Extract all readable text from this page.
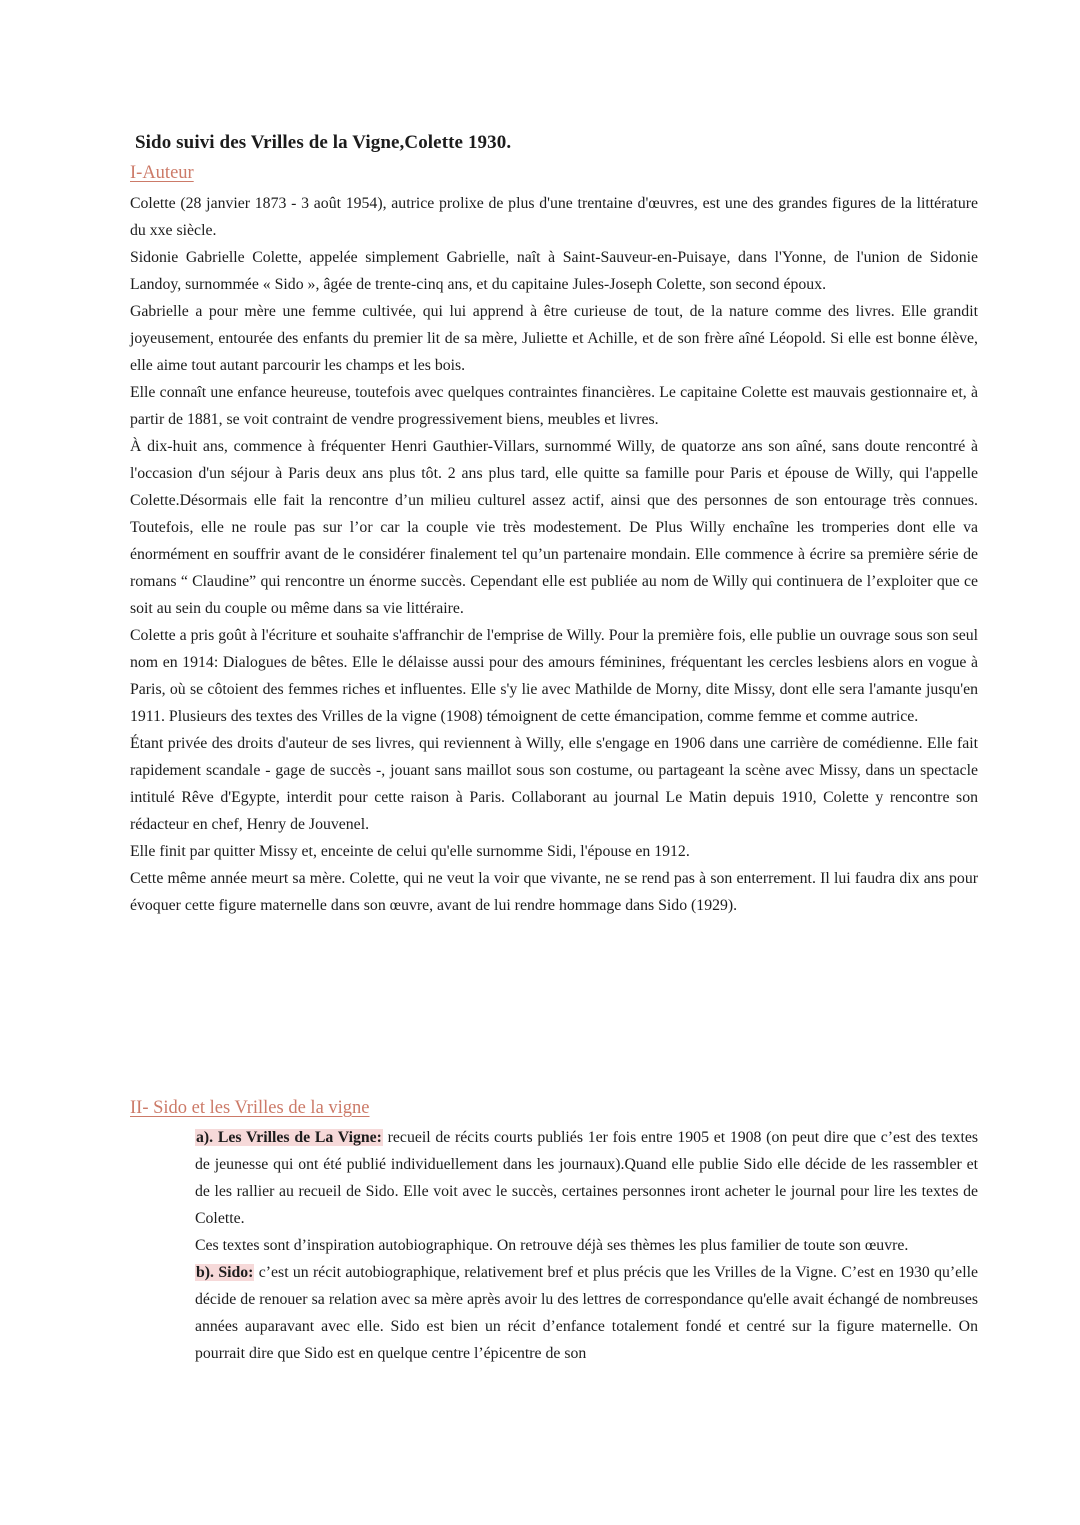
Sido suivi des Vrilles de la Vigne,Colette 1930.
I-Auteur

Colette (28 janvier 1873 - 3 août 1954), autrice prolixe de plus d'une trentaine d'œuvres, est une des grandes figures de la littérature du xxe siècle.

Sidonie Gabrielle Colette, appelée simplement Gabrielle, naît à Saint-Sauveur-en-Puisaye, dans l'Yonne, de l'union de Sidonie Landoy, surnommée « Sido », âgée de trente-cinq ans, et du capitaine Jules-Joseph Colette, son second époux.

Gabrielle a pour mère une femme cultivée, qui lui apprend à être curieuse de tout, de la nature comme des livres. Elle grandit joyeusement, entourée des enfants du premier lit de sa mère, Juliette et Achille, et de son frère aîné Léopold. Si elle est bonne élève, elle aime tout autant parcourir les champs et les bois.

Elle connaît une enfance heureuse, toutefois avec quelques contraintes financières. Le capitaine Colette est mauvais gestionnaire et, à partir de 1881, se voit contraint de vendre progressivement biens, meubles et livres.

À dix-huit ans, commence à fréquenter Henri Gauthier-Villars, surnommé Willy, de quatorze ans son aîné, sans doute rencontré à l'occasion d'un séjour à Paris deux ans plus tôt. 2 ans plus tard, elle quitte sa famille pour Paris et épouse de Willy, qui l'appelle Colette.Désormais elle fait la rencontre d’un milieu culturel assez actif, ainsi que des personnes de son entourage très connues. Toutefois, elle ne roule pas sur l’or car la couple vie très modestement. De Plus Willy enchaîne les tromperies dont elle va énormément en souffrir avant de le considérer finalement tel qu’un partenaire mondain. Elle commence à écrire sa première série de romans “ Claudine” qui rencontre un énorme succès. Cependant elle est publiée au nom de Willy qui continuera de l’exploiter que ce soit au sein du couple ou même dans sa vie littéraire.

Colette a pris goût à l'écriture et souhaite s'affranchir de l'emprise de Willy. Pour la première fois, elle publie un ouvrage sous son seul nom en 1914: Dialogues de bêtes. Elle le délaisse aussi pour des amours féminines, fréquentant les cercles lesbiens alors en vogue à Paris, où se côtoient des femmes riches et influentes. Elle s'y lie avec Mathilde de Morny, dite Missy, dont elle sera l'amante jusqu'en 1911. Plusieurs des textes des Vrilles de la vigne (1908) témoignent de cette émancipation, comme femme et comme autrice.

Étant privée des droits d'auteur de ses livres, qui reviennent à Willy, elle s'engage en 1906 dans une carrière de comédienne. Elle fait rapidement scandale - gage de succès -, jouant sans maillot sous son costume, ou partageant la scène avec Missy, dans un spectacle intitulé Rêve d'Egypte, interdit pour cette raison à Paris. Collaborant au journal Le Matin depuis 1910, Colette y rencontre son rédacteur en chef, Henry de Jouvenel.

Elle finit par quitter Missy et, enceinte de celui qu'elle surnomme Sidi, l'épouse en 1912.

Cette même année meurt sa mère. Colette, qui ne veut la voir que vivante, ne se rend pas à son enterrement. Il lui faudra dix ans pour évoquer cette figure maternelle dans son œuvre, avant de lui rendre hommage dans Sido (1929).

II- Sido et les Vrilles de la vigne

a). Les Vrilles de La Vigne: recueil de récits courts publiés 1er fois entre 1905 et 1908 (on peut dire que c’est des textes de jeunesse qui ont été publié individuellement dans les journaux).Quand elle publie Sido elle décide de les rassembler et de les rallier au recueil de Sido. Elle voit avec le succès, certaines personnes iront acheter le journal pour lire les textes de Colette.

Ces textes sont d’inspiration autobiographique. On retrouve déjà ses thèmes les plus familier de toute son œuvre.

b). Sido: c’est un récit autobiographique, relativement bref et plus précis que les Vrilles de la Vigne. C’est en 1930 qu’elle décide de renouer sa relation avec sa mère après avoir lu des lettres de correspondance qu'elle avait échangé de nombreuses années auparavant avec elle. Sido est bien un récit d’enfance totalement fondé et centré sur la figure maternelle. On pourrait dire que Sido est en quelque centre l’épicentre de son
